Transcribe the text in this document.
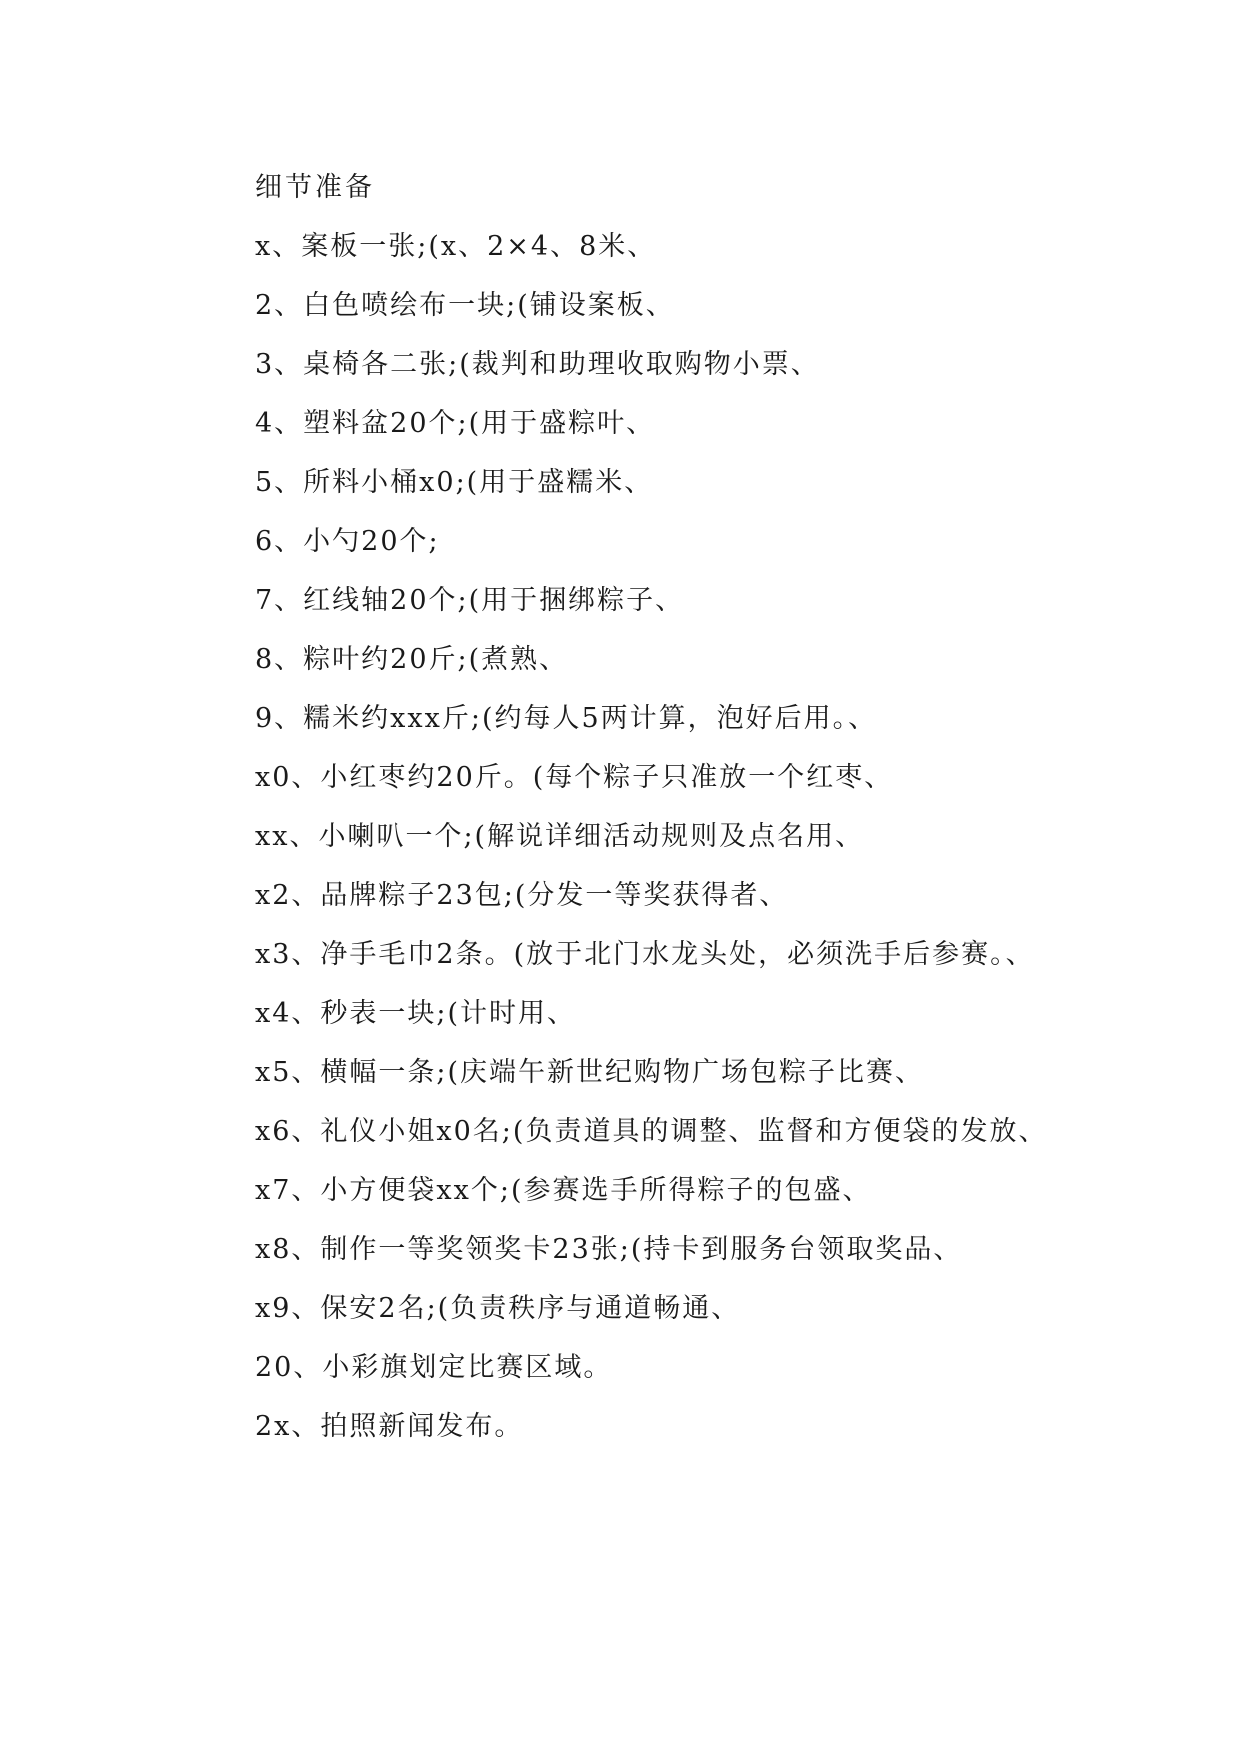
细节准备

x、案板一张;(x、2×4、8米、

2、白色喷绘布一块;(铺设案板、

3、桌椅各二张;(裁判和助理收取购物小票、

4、塑料盆20个;(用于盛粽叶、

5、所料小桶x0;(用于盛糯米、

6、小勺20个;

7、红线轴20个;(用于捆绑粽子、

8、粽叶约20斤;(煮熟、

9、糯米约xxx斤;(约每人5两计算，泡好后用。、

x0、小红枣约20斤。(每个粽子只准放一个红枣、

xx、小喇叭一个;(解说详细活动规则及点名用、

x2、品牌粽子23包;(分发一等奖获得者、

x3、净手毛巾2条。(放于北门水龙头处，必须洗手后参赛。、

x4、秒表一块;(计时用、

x5、横幅一条;(庆端午新世纪购物广场包粽子比赛、

x6、礼仪小姐x0名;(负责道具的调整、监督和方便袋的发放、

x7、小方便袋xx个;(参赛选手所得粽子的包盛、

x8、制作一等奖领奖卡23张;(持卡到服务台领取奖品、

x9、保安2名;(负责秩序与通道畅通、

20、小彩旗划定比赛区域。

2x、拍照新闻发布。
